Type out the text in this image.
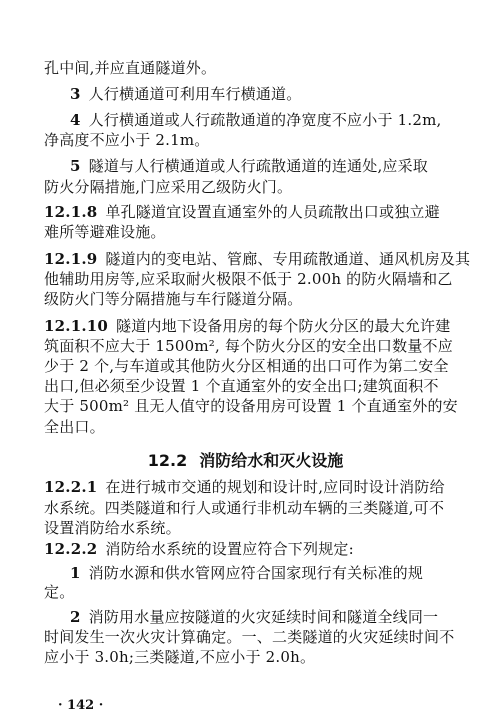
孔中间,并应直通隧道外。
3 人行横通道可利用车行横通道。
4 人行横通道或人行疏散通道的净宽度不应小于 1.2m,
净高度不应小于 2.1m。
5 隧道与人行横通道或人行疏散通道的连通处,应采取
防火分隔措施,门应采用乙级防火门。
12.1.8 单孔隧道宜设置直通室外的人员疏散出口或独立避
难所等避难设施。
12.1.9 隧道内的变电站、管廊、专用疏散通道、通风机房及其
他辅助用房等,应采取耐火极限不低于 2.00h 的防火隔墙和乙
级防火门等分隔措施与车行隧道分隔。
12.1.10 隧道内地下设备用房的每个防火分区的最大允许建
筑面积不应大于 1500m², 每个防火分区的安全出口数量不应
少于 2 个,与车道或其他防火分区相通的出口可作为第二安全
出口,但必须至少设置 1 个直通室外的安全出口;建筑面积不
大于 500m² 且无人值守的设备用房可设置 1 个直通室外的安
全出口。
12.2 消防给水和灭火设施
12.2.1 在进行城市交通的规划和设计时,应同时设计消防给
水系统。四类隧道和行人或通行非机动车辆的三类隧道,可不
设置消防给水系统。
12.2.2 消防给水系统的设置应符合下列规定:
1 消防水源和供水管网应符合国家现行有关标准的规
定。
2 消防用水量应按隧道的火灾延续时间和隧道全线同一
时间发生一次火灾计算确定。一、二类隧道的火灾延续时间不
应小于 3.0h;三类隧道,不应小于 2.0h。
· 142 ·
